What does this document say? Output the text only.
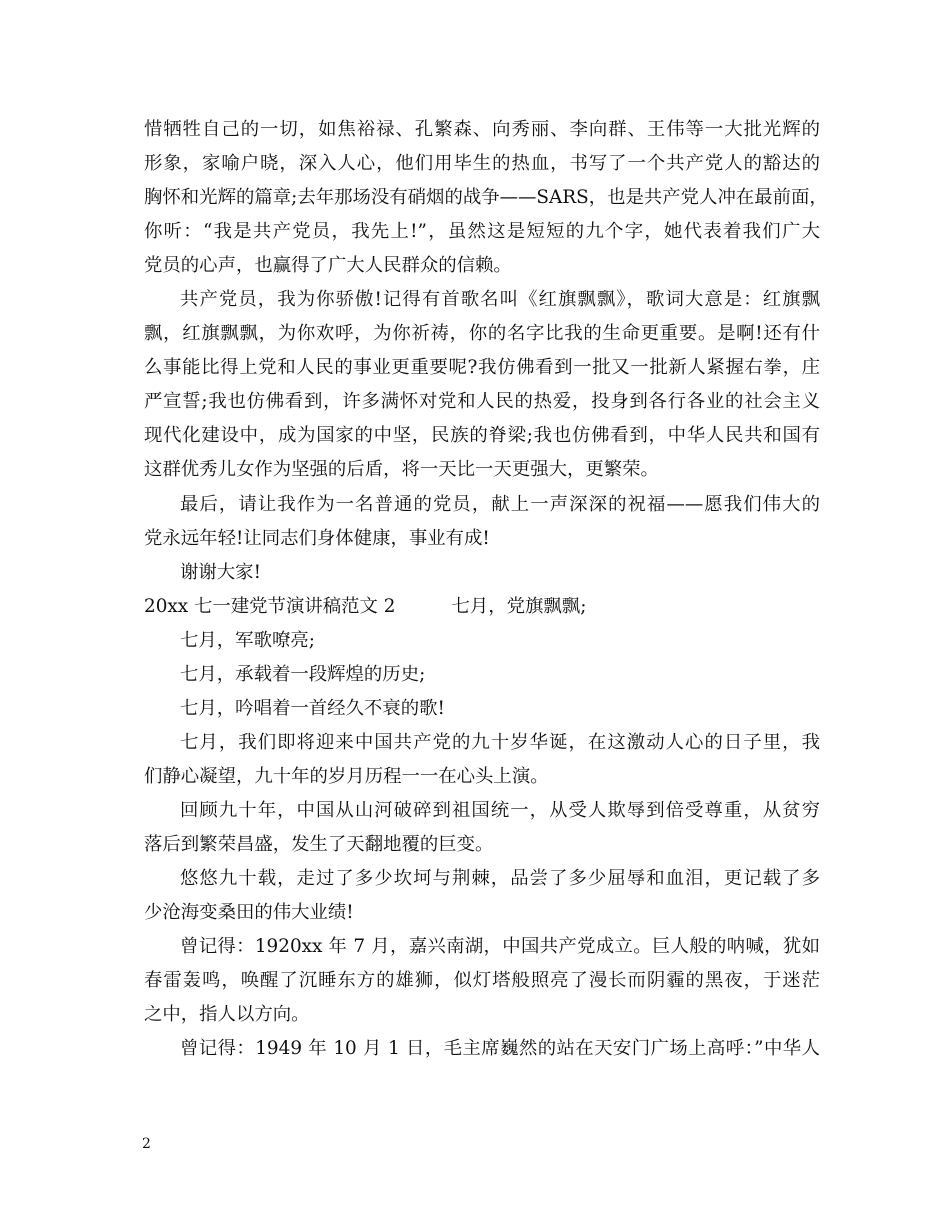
惜牺牲自己的一切，如焦裕禄、孔繁森、向秀丽、李向群、王伟等一大批光辉的
形象，家喻户晓，深入人心，他们用毕生的热血，书写了一个共产党人的豁达的
胸怀和光辉的篇章;去年那场没有硝烟的战争——SARS，也是共产党人冲在最前面，
你听：“我是共产党员，我先上!”，虽然这是短短的九个字，她代表着我们广大
党员的心声，也赢得了广大人民群众的信赖。
共产党员，我为你骄傲!记得有首歌名叫《红旗飘飘》，歌词大意是：红旗飘
飘，红旗飘飘，为你欢呼，为你祈祷，你的名字比我的生命更重要。是啊!还有什
么事能比得上党和人民的事业更重要呢?我仿佛看到一批又一批新人紧握右拳，庄
严宣誓;我也仿佛看到，许多满怀对党和人民的热爱，投身到各行各业的社会主义
现代化建设中，成为国家的中坚，民族的脊梁;我也仿佛看到，中华人民共和国有
这群优秀儿女作为坚强的后盾，将一天比一天更强大，更繁荣。
最后，请让我作为一名普通的党员，献上一声深深的祝福——愿我们伟大的
党永远年轻!让同志们身体健康，事业有成!
谢谢大家!
20xx 七一建党节演讲稿范文 2	七月，党旗飘飘;
七月，军歌嘹亮;
七月，承载着一段辉煌的历史;
七月，吟唱着一首经久不衰的歌!
七月，我们即将迎来中国共产党的九十岁华诞，在这激动人心的日子里，我
们静心凝望，九十年的岁月历程一一在心头上演。
回顾九十年，中国从山河破碎到祖国统一，从受人欺辱到倍受尊重，从贫穷
落后到繁荣昌盛，发生了天翻地覆的巨变。
悠悠九十载，走过了多少坎坷与荆棘，品尝了多少屈辱和血泪，更记载了多
少沧海变桑田的伟大业绩!
曾记得：1920xx 年 7 月，嘉兴南湖，中国共产党成立。巨人般的呐喊，犹如
春雷轰鸣，唤醒了沉睡东方的雄狮，似灯塔般照亮了漫长而阴霾的黑夜，于迷茫
之中，指人以方向。
曾记得：1949 年 10 月 1 日，毛主席巍然的站在天安门广场上高呼：”中华人
2
